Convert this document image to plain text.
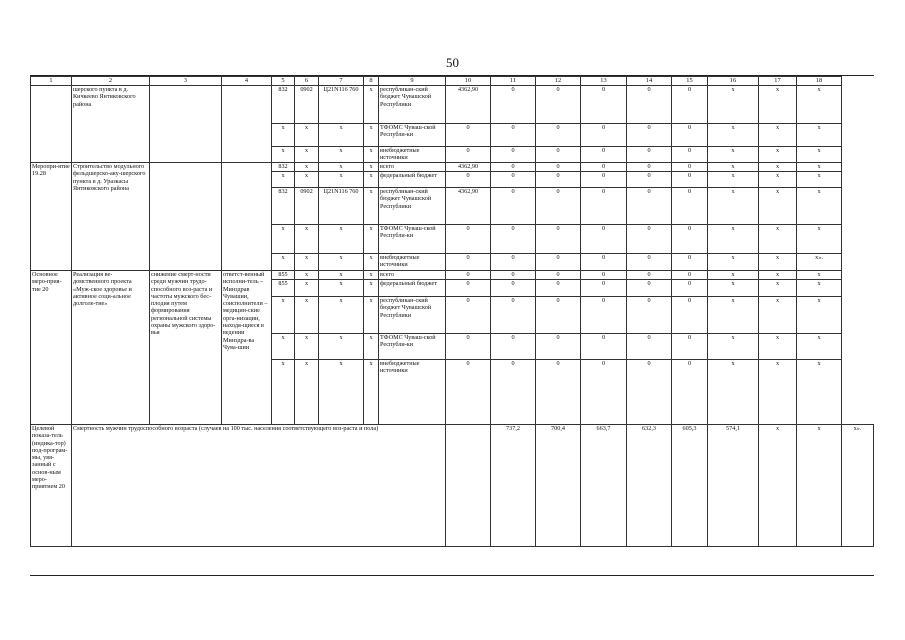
50
1	2	3	4	5	6	7	8	9	10	11	12	13	14	15	16	17	18	
	шерского пункта в д. Кичкеево Янтиковского района			832	0902	Ц21N116 760	x	республикан-ский бюджет Чувашской Республики	4362,90	0	0	0	0	0	x	x	x	
				x	x	x	x	ТФОМС Чуваш-ской Республи-ки	0	0	0	0	0	0	x	x	x	
				x	x	x	x	внебюджетные источники	0	0	0	0	0	0	x	x	x	
Меропри-ятие 19.28	Строительство модульного фельдшерско-аку-шерского пункта в д. Уразкасы Янтиковского района			832	x	x	x	всего	4362,90	0	0	0	0	0	x	x	x	
				x	x	x	x	федеральный бюджет	0	0	0	0	0	0	x	x	x	
				832	0902	Ц21N116 760	x	республикан-ский бюджет Чувашской Республики	4362,90	0	0	0	0	0	x	x	x	
				x	x	x	x	ТФОМС Чуваш-ской Республи-ки	0	0	0	0	0	0	x	x	x	
				x	x	x	x	внебюджетные источники	0	0	0	0	0	0	x	x	x».	
Основное меро-прия-тие 20	Реализация ве-домственного проекта «Муж-ское здоровье и активное соци-альное долголе-тие»	снижение смерт-ности среди мужчин трудо-способного воз-раста и частоты мужского бес-плодия путем формирования региональной системы охраны мужского здоро-вья	ответст-венный исполни-тель – Минздрав Чувашии, соисполнители – медицин-ские орга-низации, находя-щиеся в ведении Минздра-ва Чува-шии	855	x	x	x	всего	0	0	0	0	0	0	x	x	x	
				855	x	x	x	федеральный бюджет	0	0	0	0	0	0	x	x	x	
				x	x	x	x	республикан-ский бюджет Чувашской Республики	0	0	0	0	0	0	x	x	x	
				x	x	x	x	ТФОМС Чуваш-ской Республи-ки	0	0	0	0	0	0	x	x	x	
				x	x	x	x	внебюджетные источники	0	0	0	0	0	0	x	x	x	
Целевой показа-тель (индика-тор) под-програм-мы, увя-занный с основ-ным меро-приятием 20	Смертность мужчин трудоспособного возраста (случаев на 100 тыс. населения соответствующего воз-раста и пола)									737,2	700,4	663,7	632,3	605,3	574,1	x	x	x».
